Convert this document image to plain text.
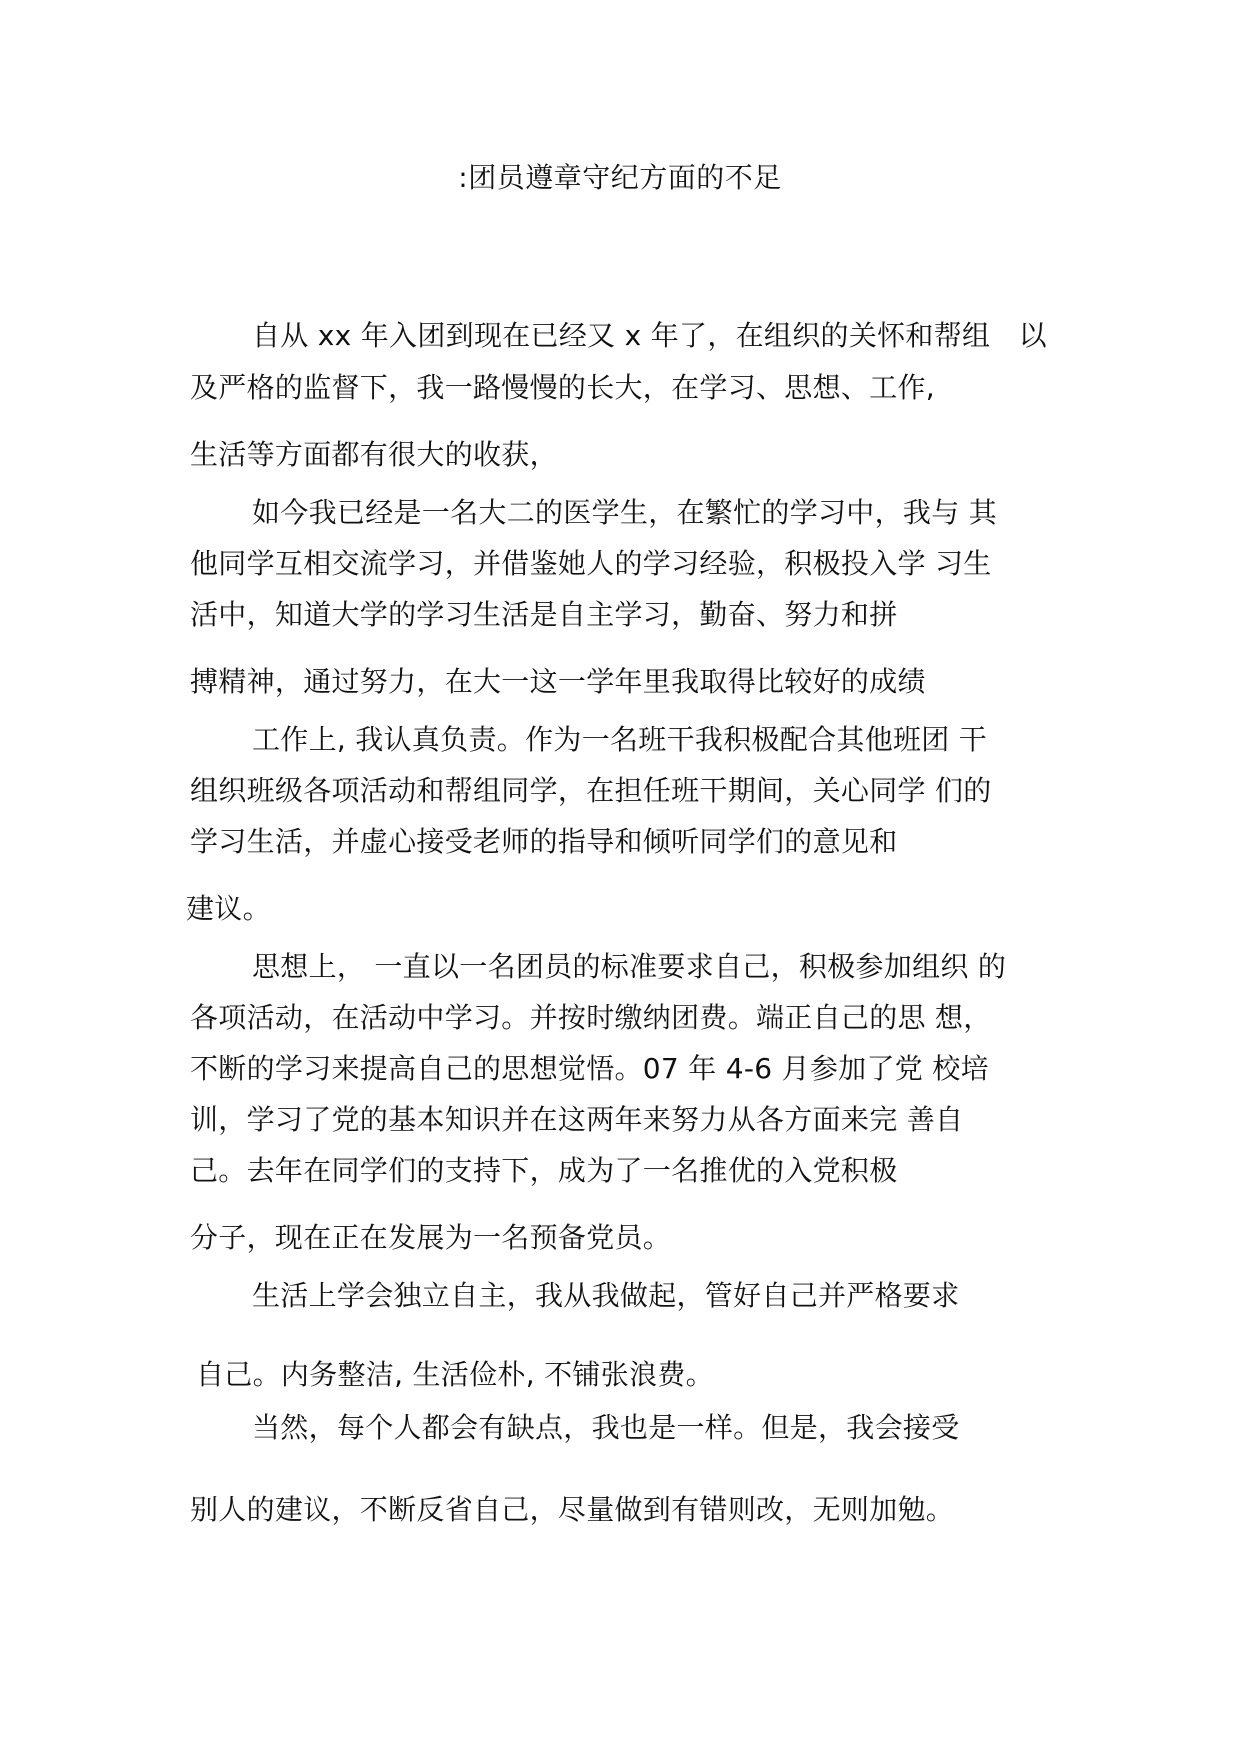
:团员遵章守纪方面的不足
自从 xx 年入团到现在已经又 x 年了，在组织的关怀和帮组　以
及严格的监督下，我一路慢慢的长大，在学习、思想、工作,
生活等方面都有很大的收获，
如今我已经是一名大二的医学生，在繁忙的学习中，我与 其
他同学互相交流学习，并借鉴她人的学习经验，积极投入学 习生
活中，知道大学的学习生活是自主学习，勤奋、努力和拼
搏精神，通过努力，在大一这一学年里我取得比较好的成绩
工作上, 我认真负责。作为一名班干我积极配合其他班团 干
组织班级各项活动和帮组同学，在担任班干期间，关心同学 们的
学习生活，并虚心接受老师的指导和倾听同学们的意见和
建议。
思想上， 一直以一名团员的标准要求自己，积极参加组织 的
各项活动，在活动中学习。并按时缴纳团费。端正自己的思 想，
不断的学习来提高自己的思想觉悟。07 年 4-6 月参加了党 校培
训，学习了党的基本知识并在这两年来努力从各方面来完 善自
己。去年在同学们的支持下，成为了一名推优的入党积极
分子，现在正在发展为一名预备党员。
生活上学会独立自主，我从我做起，管好自己并严格要求
自己。内务整洁, 生活俭朴, 不铺张浪费。
当然，每个人都会有缺点，我也是一样。但是，我会接受
别人的建议，不断反省自己，尽量做到有错则改，无则加勉。
